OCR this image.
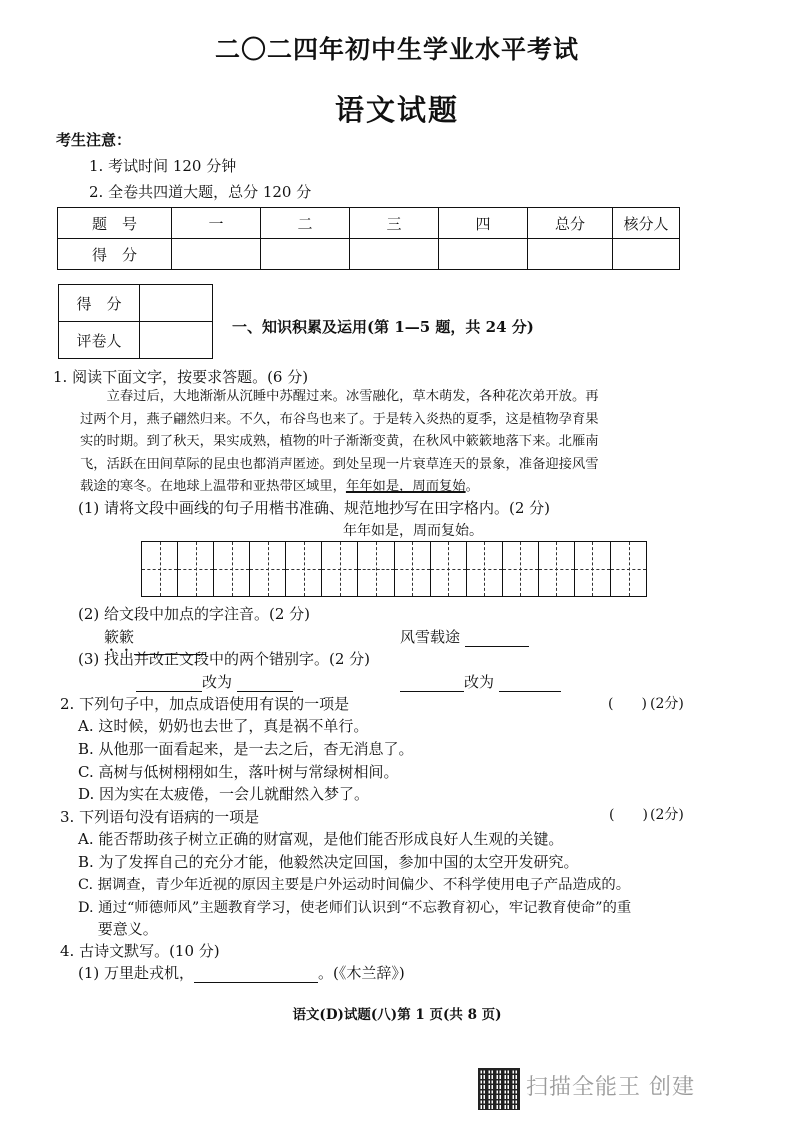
二〇二四年初中生学业水平考试
语文试题
考生注意：
1. 考试时间 120 分钟
2. 全卷共四道大题，总分 120 分
题　号	一	二	三	四	总分	核分人
得　分						
得　分	
评卷人	
一、知识积累及运用(第 1—5 题，共 24 分)
1. 阅读下面文字，按要求答题。(6 分)

　　立春过后，大地渐渐从沉睡中苏醒过来。冰雪融化，草木萌发，各种花次弟开放。再

过两个月，燕子翩然归来。不久，布谷鸟也来了。于是转入炎热的夏季，这是植物孕育果

实的时期。到了秋天，果实成熟，植物的叶子渐渐变黄，在秋风中簌簌地落下来。北雁南

飞，活跃在田间草际的昆虫也都消声匿迹。到处呈现一片衰草连天的景象，准备迎接风雪

载途的寒冬。在地球上温带和亚热带区域里，年年如是，周而复始。

(1) 请将文段中画线的句子用楷书准确、规范地抄写在田字格内。(2 分)
年年如是，周而复始。
(2) 给文段中加点的字注音。(2 分)
簌簌	风雪载途
(3) 找出并改正文段中的两个错别字。(2 分)
改为	改为
2. 下列句子中，加点成语使用有误的一项是	(　　) (2分)
A. 这时候，奶奶也去世了，真是祸不单行。
B. 从他那一面看起来，是一去之后，杳无消息了。
C. 高树与低树栩栩如生，落叶树与常绿树相间。
D. 因为实在太疲倦，一会儿就酣然入梦了。
3. 下列语句没有语病的一项是	(　　) (2分)
A. 能否帮助孩子树立正确的财富观，是他们能否形成良好人生观的关键。
B. 为了发挥自己的充分才能，他毅然决定回国，参加中国的太空开发研究。
C. 据调查，青少年近视的原因主要是户外运动时间偏少、不科学使用电子产品造成的。
D. 通过“师德师风”主题教育学习，使老师们认识到“不忘教育初心，牢记教育使命”的重
　 要意义。
4. 古诗文默写。(10 分)
(1) 万里赴戎机，	。(《木兰辞》)
语文(D)试题(八)第 1 页(共 8 页)
扫描全能王 创建
